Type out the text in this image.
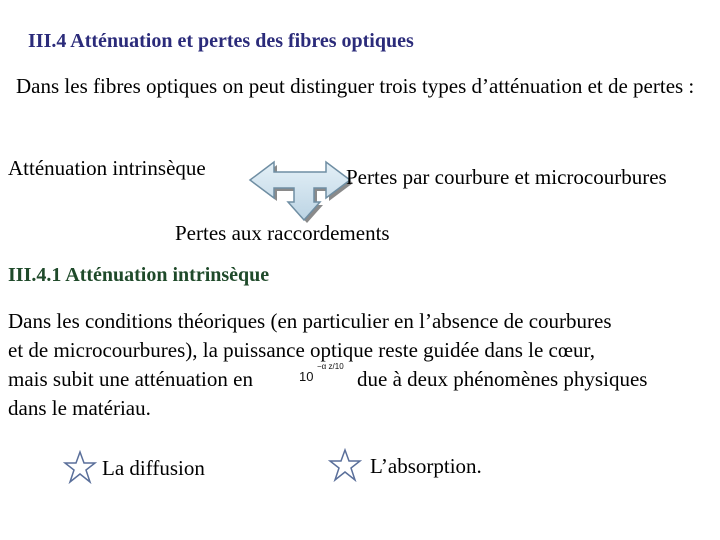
III.4 Atténuation et pertes des fibres optiques
Dans les fibres optiques on peut distinguer trois types d’atténuation et de pertes :
Atténuation intrinsèque	Pertes par courbure et microcourbures
Pertes aux raccordements
III.4.1 Atténuation intrinsèque
Dans les conditions théoriques (en particulier en l’absence de courbures
et de microcourbures), la puissance optique reste guidée dans le cœur,
mais subit une atténuation en	10
−α z/10
due à deux phénomènes physiques
dans le matériau.
La diffusion	L’absorption.
